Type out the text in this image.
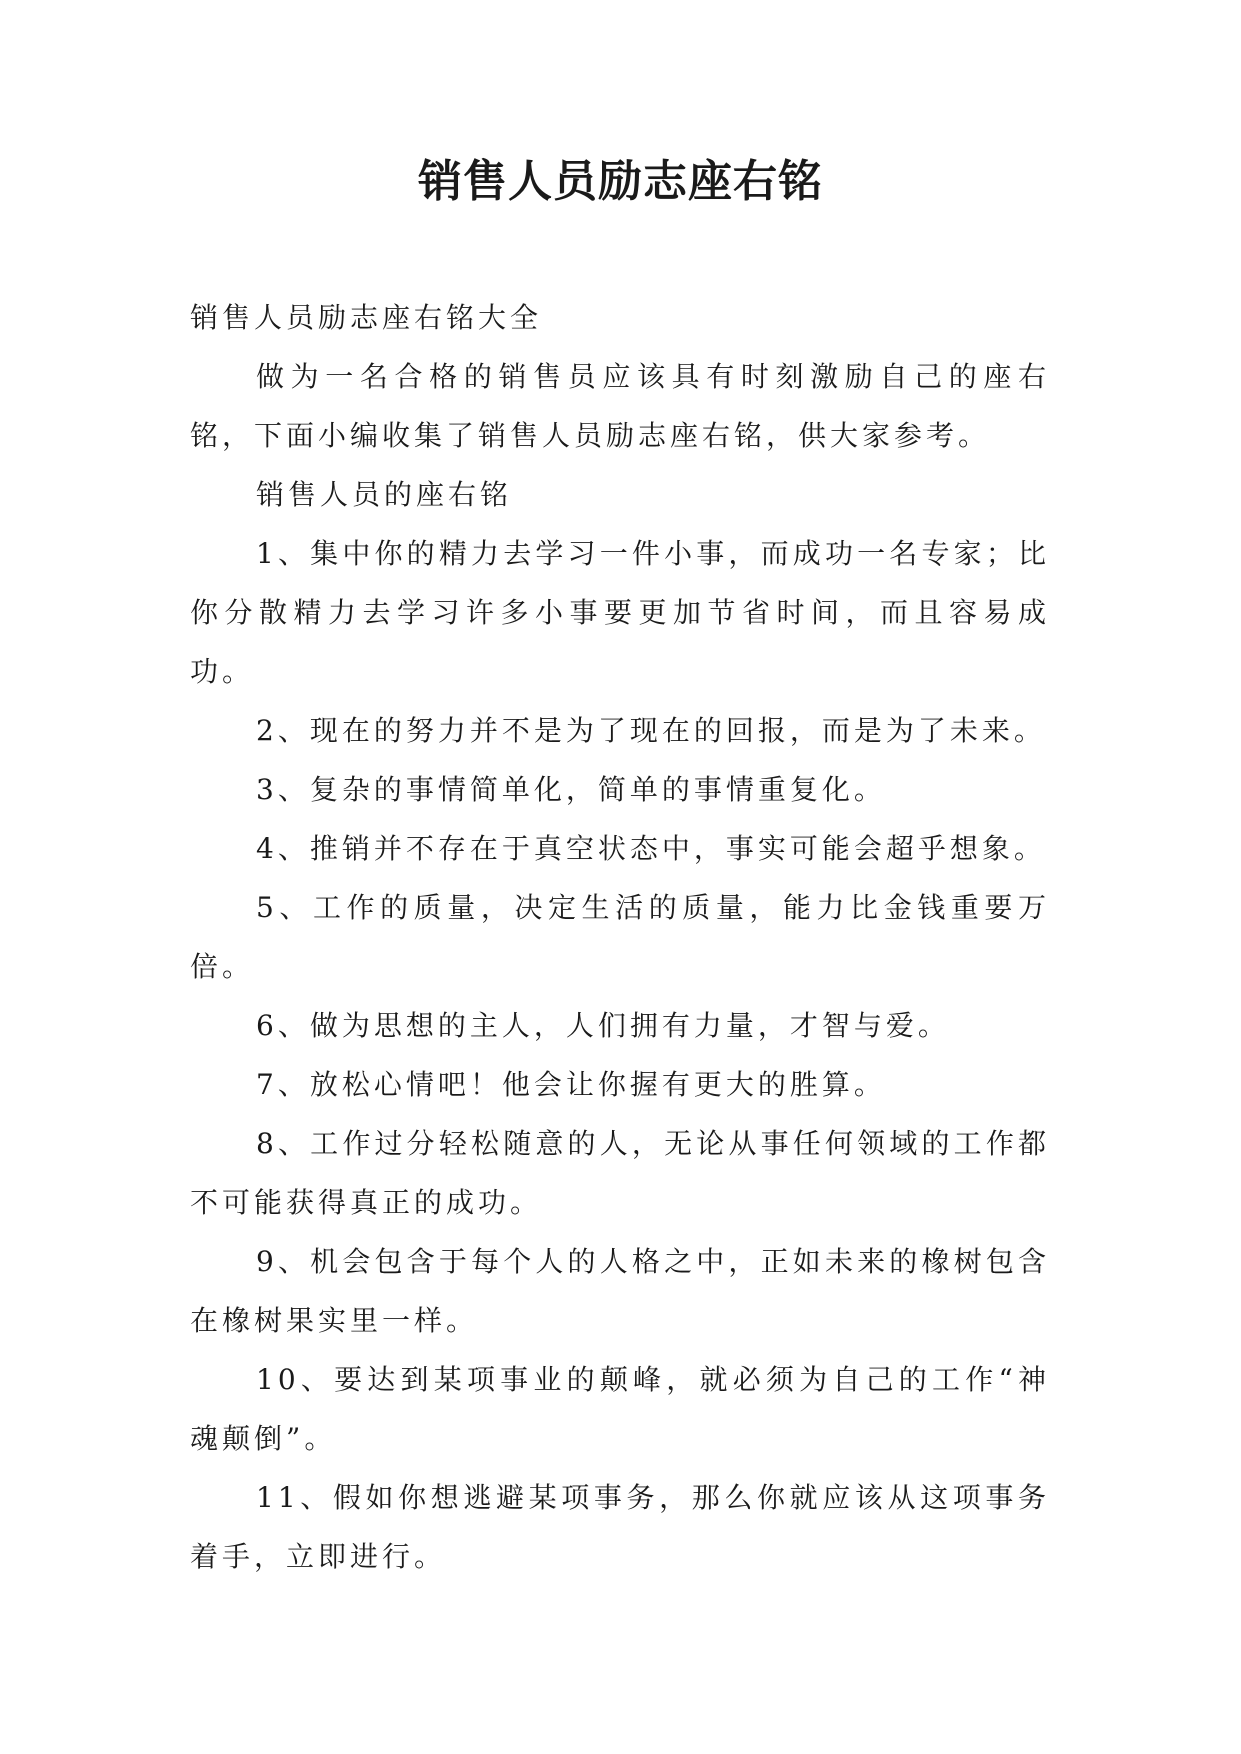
销售人员励志座右铭

销售人员励志座右铭大全

做为一名合格的销售员应该具有时刻激励自己的座右铭，下面小编收集了销售人员励志座右铭，供大家参考。

销售人员的座右铭

1、集中你的精力去学习一件小事，而成功一名专家；比你分散精力去学习许多小事要更加节省时间，而且容易成功。

2、现在的努力并不是为了现在的回报，而是为了未来。

3、复杂的事情简单化，简单的事情重复化。

4、推销并不存在于真空状态中，事实可能会超乎想象。

5、工作的质量，决定生活的质量，能力比金钱重要万倍。

6、做为思想的主人，人们拥有力量，才智与爱。

7、放松心情吧！他会让你握有更大的胜算。

8、工作过分轻松随意的人，无论从事任何领域的工作都不可能获得真正的成功。

9、机会包含于每个人的人格之中，正如未来的橡树包含在橡树果实里一样。

10、要达到某项事业的颠峰，就必须为自己的工作“神魂颠倒”。

11、假如你想逃避某项事务，那么你就应该从这项事务着手，立即进行。
